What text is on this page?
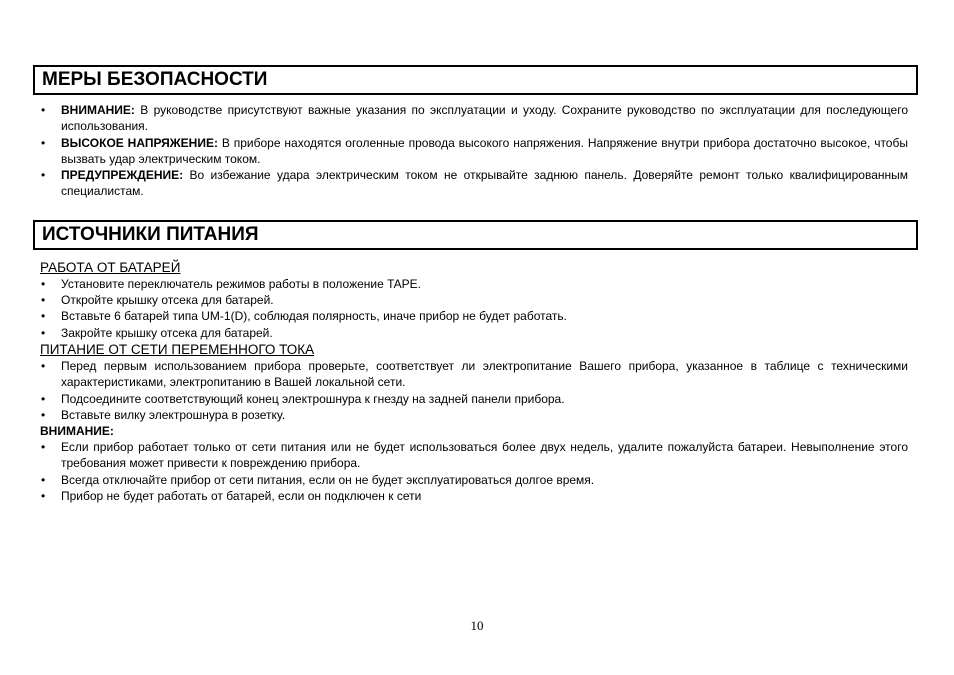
МЕРЫ БЕЗОПАСНОСТИ
• ВНИМАНИЕ: В руководстве присутствуют важные указания по эксплуатации и уходу. Сохраните руководство по эксплуатации для последующего использования.
• ВЫСОКОЕ НАПРЯЖЕНИЕ: В приборе находятся оголенные провода высокого напряжения. Напряжение внутри прибора достаточно высокое, чтобы вызвать удар электрическим током.
• ПРЕДУПРЕЖДЕНИЕ: Во избежание удара электрическим током не открывайте заднюю панель. Доверяйте ремонт только квалифицированным специалистам.
ИСТОЧНИКИ ПИТАНИЯ
РАБОТА ОТ БАТАРЕЙ
• Установите переключатель режимов работы в положение TAPE.
• Откройте крышку отсека для батарей.
• Вставьте 6 батарей типа UM-1(D), соблюдая полярность, иначе прибор не будет работать.
• Закройте крышку отсека для батарей.
ПИТАНИЕ ОТ СЕТИ ПЕРЕМЕННОГО ТОКА
• Перед первым использованием прибора проверьте, соответствует ли электропитание Вашего прибора, указанное в таблице с техническими характеристиками, электропитанию в Вашей локальной сети.
• Подсоедините соответствующий конец электрошнура к гнезду на задней панели прибора.
• Вставьте вилку электрошнура в розетку.
ВНИМАНИЕ:
• Если прибор работает только от сети питания или не будет использоваться более двух недель, удалите пожалуйста батареи. Невыполнение этого требования может привести к повреждению прибора.
• Всегда отключайте прибор от сети питания, если он не будет эксплуатироваться долгое время.
• Прибор не будет работать от батарей, если он подключен к сети
10
